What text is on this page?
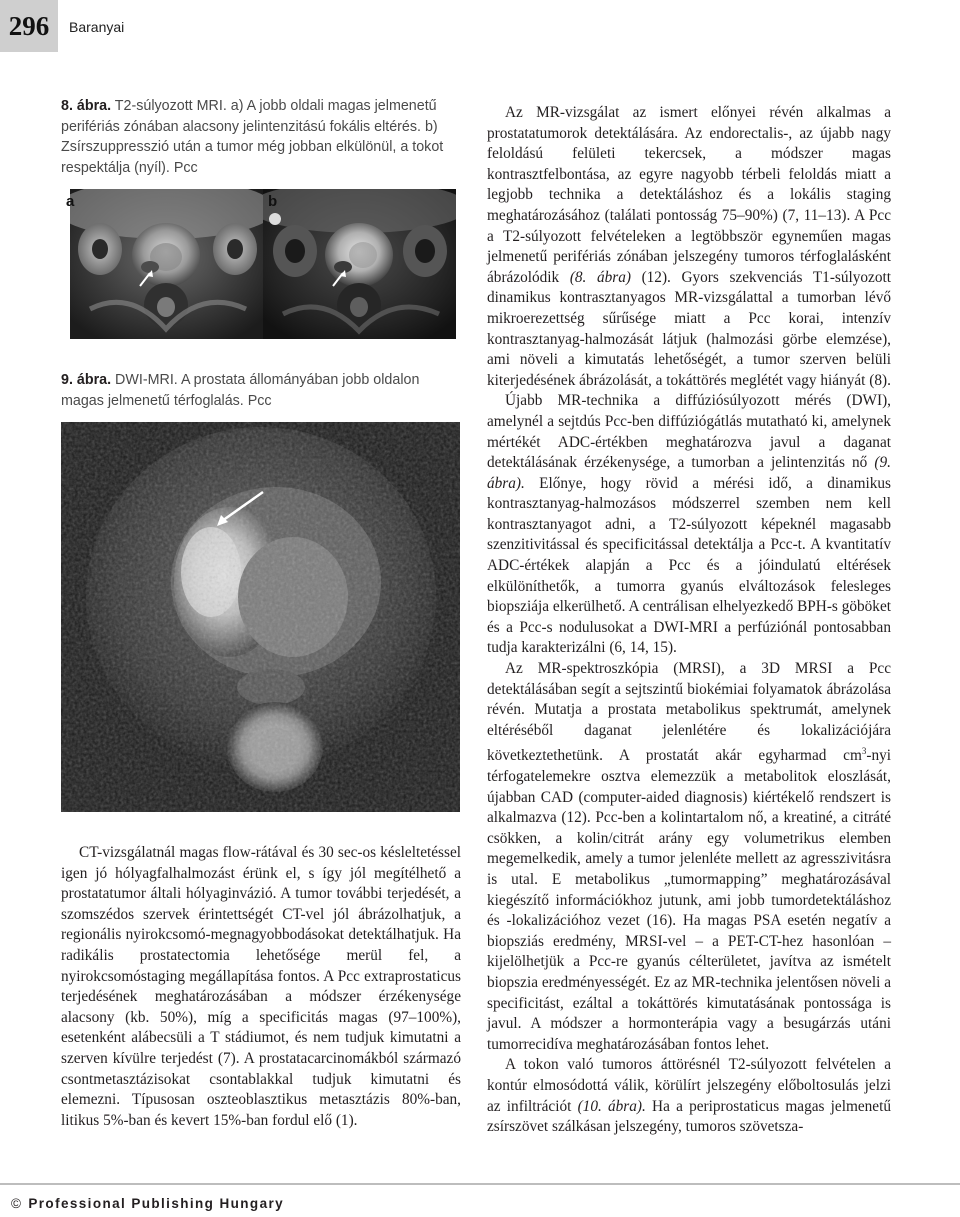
296 Baranyai
8. ábra. T2-súlyozott MRI. a) A jobb oldali magas jelmenetű perifériás zónában alacsony jelintenzitású fokális eltérés. b) Zsírszuppresszió után a tumor még jobban elkülönül, a tokot respektálja (nyíl). Pcc
a	b
9. ábra. DWI-MRI. A prostata állományában jobb oldalon magas jelmenetű térfoglalás. Pcc

CT-vizsgálatnál magas flow-rátával és 30 sec-os késleltetéssel igen jó hólyagfalhalmozást érünk el, s így jól megítélhető a prostatatumor általi hólyaginvázió. A tumor további terjedését, a szomszédos szervek érintettségét CT-vel jól ábrázolhatjuk, a regionális nyirokcsomó-megnagyobbodásokat detektálhatjuk. Ha radikális prostatectomia lehetősége merül fel, a nyirokcsomóstaging megállapítása fontos. A Pcc extraprostaticus terjedésének meghatározásában a módszer érzékenysége alacsony (kb. 50%), míg a specificitás magas (97–100%), esetenként alábecsüli a T stádiumot, és nem tudjuk kimutatni a szerven kívülre terjedést (7). A prostatacarcinomákból származó csontmetasztázisokat csontablakkal tudjuk kimutatni és elemezni. Típusosan oszteoblasztikus metasztázis 80%-ban, litikus 5%-ban és kevert 15%-ban fordul elő (1).

Az MR-vizsgálat az ismert előnyei révén alkalmas a prostatatumorok detektálására. Az endorectalis-, az újabb nagy feloldású felületi tekercsek, a módszer magas kontrasztfelbontása, az egyre nagyobb térbeli feloldás miatt a legjobb technika a detektáláshoz és a lokális staging meghatározásához (találati pontosság 75–90%) (7, 11–13). A Pcc a T2-súlyozott felvételeken a legtöbbször egyneműen magas jelmenetű perifériás zónában jelszegény tumoros térfoglalásként ábrázolódik (8. ábra) (12). Gyors szekvenciás T1-súlyozott dinamikus kontrasztanyagos MR-vizsgálattal a tumorban lévő mikroerezettség sűrűsége miatt a Pcc korai, intenzív kontrasztanyag-halmozását látjuk (halmozási görbe elemzése), ami növeli a kimutatás lehetőségét, a tumor szerven belüli kiterjedésének ábrázolását, a tokáttörés meglétét vagy hiányát (8).

Újabb MR-technika a diffúziósúlyozott mérés (DWI), amelynél a sejtdús Pcc-ben diffúziógátlás mutatható ki, amelynek mértékét ADC-értékben meghatározva javul a daganat detektálásának érzékenysége, a tumorban a jelintenzitás nő (9. ábra). Előnye, hogy rövid a mérési idő, a dinamikus kontrasztanyag-halmozásos módszerrel szemben nem kell kontrasztanyagot adni, a T2-súlyozott képeknél magasabb szenzitivitással és specificitással detektálja a Pcc-t. A kvantitatív ADC-értékek alapján a Pcc és a jóindulatú eltérések elkülöníthetők, a tumorra gyanús elváltozások felesleges biopsziája elkerülhető. A centrálisan elhelyezkedő BPH-s göböket és a Pcc-s nodulusokat a DWI-MRI a perfúziónál pontosabban tudja karakterizálni (6, 14, 15).

Az MR-spektroszkópia (MRSI), a 3D MRSI a Pcc detektálásában segít a sejtszintű biokémiai folyamatok ábrázolása révén. Mutatja a prostata metabolikus spektrumát, amelynek eltéréséből daganat jelenlétére és lokalizációjára következtethetünk. A prostatát akár egyharmad $cm^3$-nyi térfogatelemekre osztva elemezzük a metabolitok eloszlását, újabban CAD (computer-aided diagnosis) kiértékelő rendszert is alkalmazva (12). Pcc-ben a kolintartalom nő, a kreatiné, a citráté csökken, a kolin/citrát arány egy volumetrikus elemben megemelkedik, amely a tumor jelenléte mellett az agresszivitásra is utal. E metabolikus „tumormapping” meghatározásával kiegészítő információkhoz jutunk, ami jobb tumordetektáláshoz és -lokalizációhoz vezet (16). Ha magas PSA esetén negatív a biopsziás eredmény, MRSI-vel – a PET-CT-hez hasonlóan – kijelölhetjük a Pcc-re gyanús célterületet, javítva az ismételt biopszia eredményességét. Ez az MR-technika jelentősen növeli a specificitást, ezáltal a tokáttörés kimutatásának pontossága is javul. A módszer a hormonterápia vagy a besugárzás utáni tumorrecidíva meghatározásában fontos lehet.

A tokon való tumoros áttörésnél T2-súlyozott felvételen a kontúr elmosódottá válik, körülírt jelszegény előboltosulás jelzi az infiltrációt (10. ábra). Ha a periprostaticus magas jelmenetű zsírszövet szálkásan jelszegény, tumoros szövetsza-

© Professional Publishing Hungary
